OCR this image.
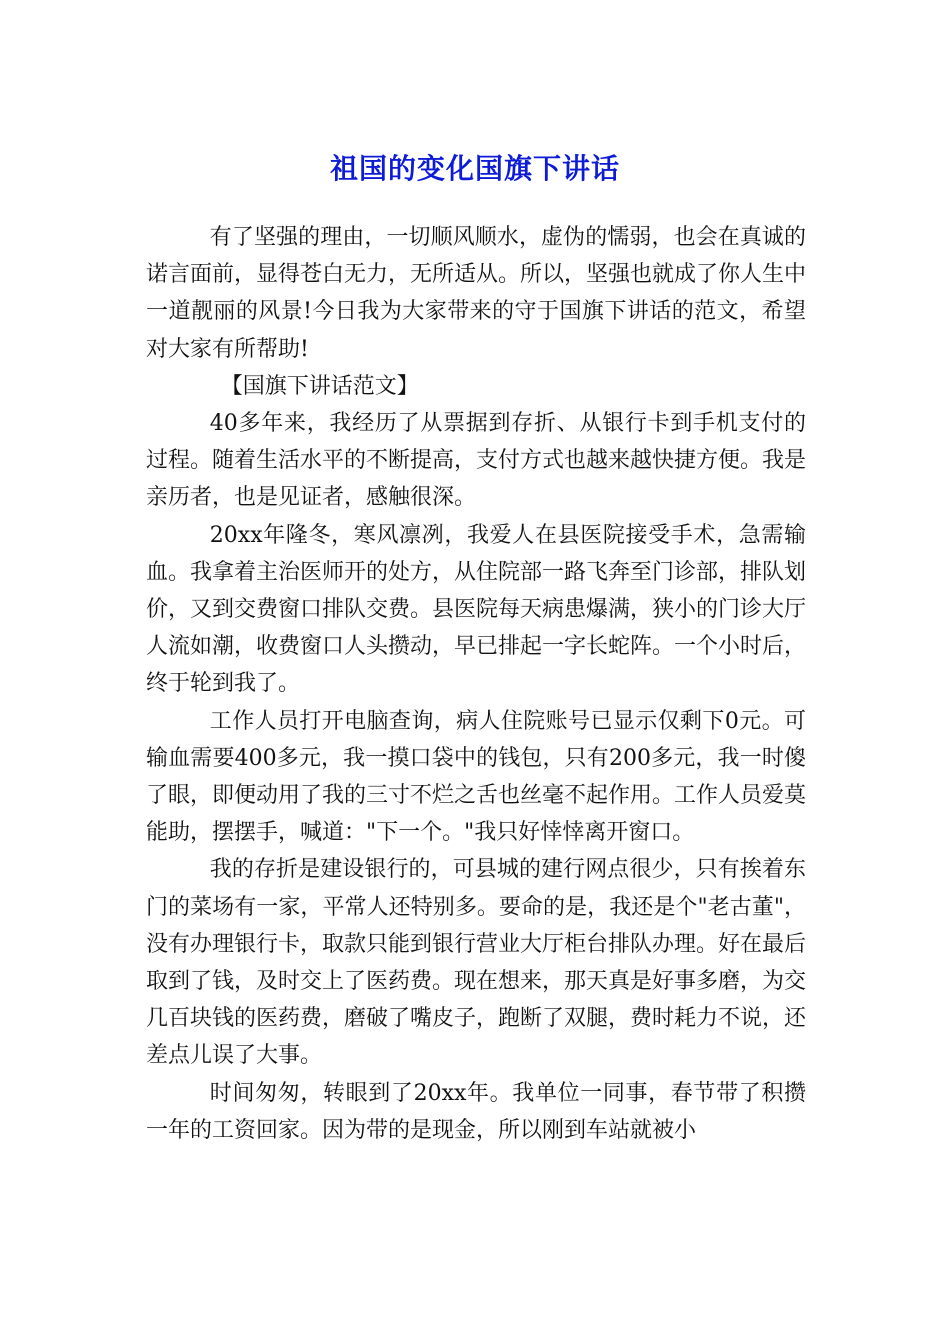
祖国的变化国旗下讲话

有了坚强的理由，一切顺风顺水，虚伪的懦弱，也会在真诚的诺言面前，显得苍白无力，无所适从。所以，坚强也就成了你人生中一道靓丽的风景!今日我为大家带来的守于国旗下讲话的范文，希望对大家有所帮助!

【国旗下讲话范文】

40多年来，我经历了从票据到存折、从银行卡到手机支付的过程。随着生活水平的不断提高，支付方式也越来越快捷方便。我是亲历者，也是见证者，感触很深。

20xx年隆冬，寒风凛冽，我爱人在县医院接受手术，急需输血。我拿着主治医师开的处方，从住院部一路飞奔至门诊部，排队划价，又到交费窗口排队交费。县医院每天病患爆满，狭小的门诊大厅人流如潮，收费窗口人头攒动，早已排起一字长蛇阵。一个小时后，终于轮到我了。

工作人员打开电脑查询，病人住院账号已显示仅剩下0元。可输血需要400多元，我一摸口袋中的钱包，只有200多元，我一时傻了眼，即便动用了我的三寸不烂之舌也丝毫不起作用。工作人员爱莫能助，摆摆手，喊道："下一个。"我只好悻悻离开窗口。

我的存折是建设银行的，可县城的建行网点很少，只有挨着东门的菜场有一家，平常人还特别多。要命的是，我还是个"老古董"，没有办理银行卡，取款只能到银行营业大厅柜台排队办理。好在最后取到了钱，及时交上了医药费。现在想来，那天真是好事多磨，为交几百块钱的医药费，磨破了嘴皮子，跑断了双腿，费时耗力不说，还差点儿误了大事。

时间匆匆，转眼到了20xx年。我单位一同事，春节带了积攒一年的工资回家。因为带的是现金，所以刚到车站就被小
